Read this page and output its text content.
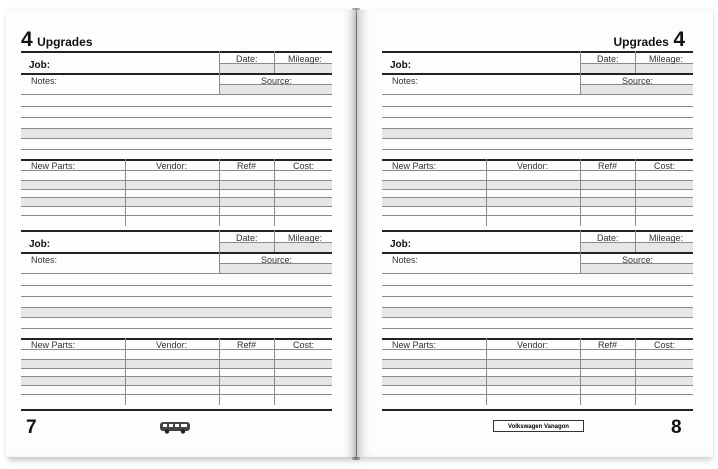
4 Upgrades
Job:
Date:	Mileage:
Notes:	Source:
New Parts:	Vendor:	Ref#	Cost:
Job:
Date:	Mileage:
Notes:	Source:
New Parts:	Vendor:	Ref#	Cost:
7
Upgrades 4
Job:
Date:	Mileage:
Notes:	Source:
New Parts:	Vendor:	Ref#	Cost:
Job:
Date:	Mileage:
Notes:	Source:
New Parts:	Vendor:	Ref#	Cost:
Volkswagen Vanagon	8
